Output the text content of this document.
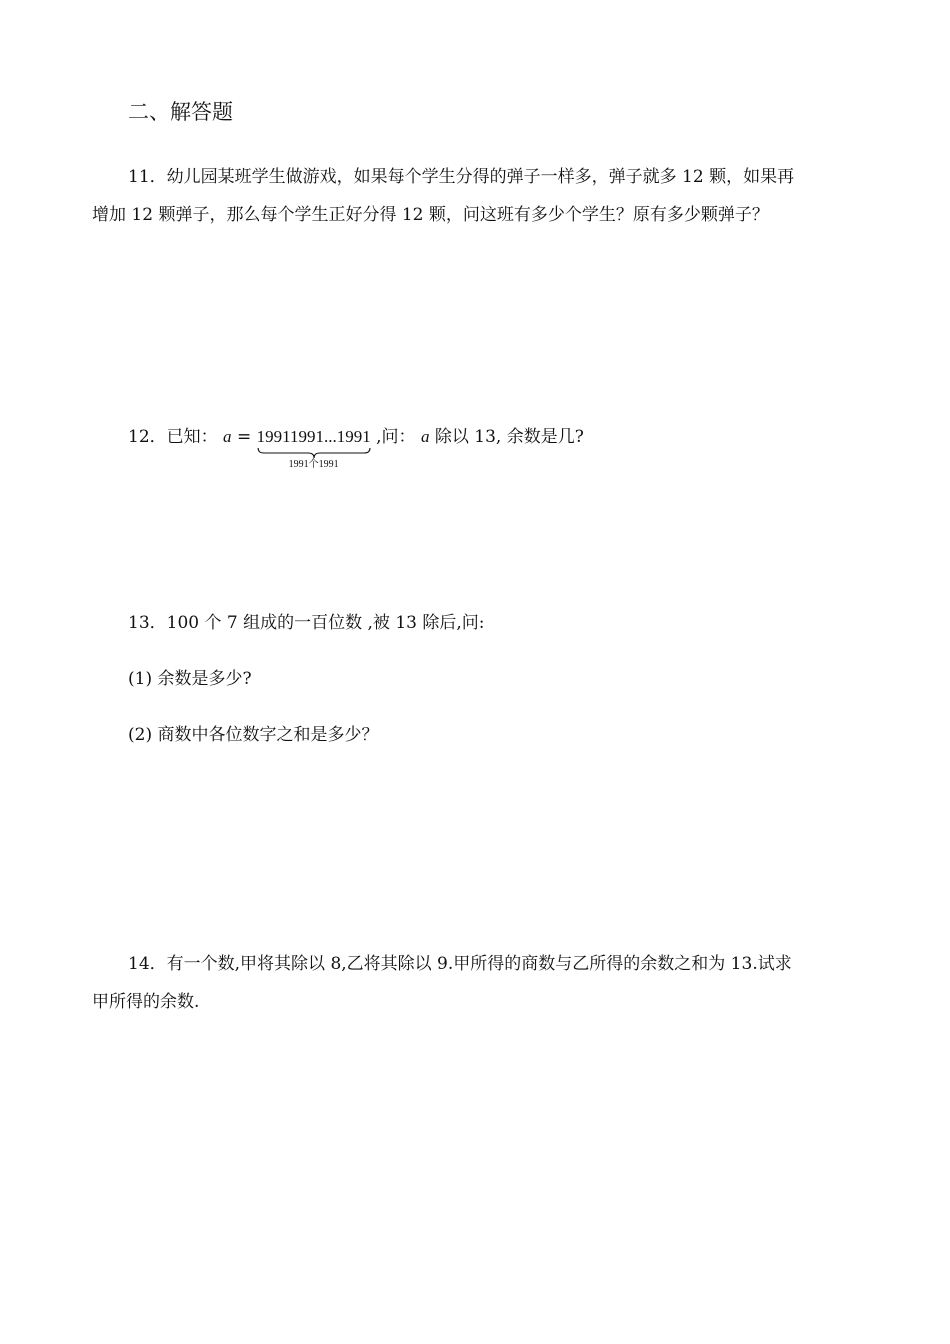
二、解答题
11．幼儿园某班学生做游戏，如果每个学生分得的弹子一样多，弹子就多 12 颗，如果再
增加 12 颗弹子，那么每个学生正好分得 12 颗，问这班有多少个学生？原有多少颗弹子？
12．已知： a = 19911991...1991
1991个1991
,问： a 除以 13, 余数是几?
13．100 个 7 组成的一百位数 ,被 13 除后,问:
(1) 余数是多少?
(2) 商数中各位数字之和是多少？
14．有一个数,甲将其除以 8,乙将其除以 9.甲所得的商数与乙所得的余数之和为 13.试求
甲所得的余数.
